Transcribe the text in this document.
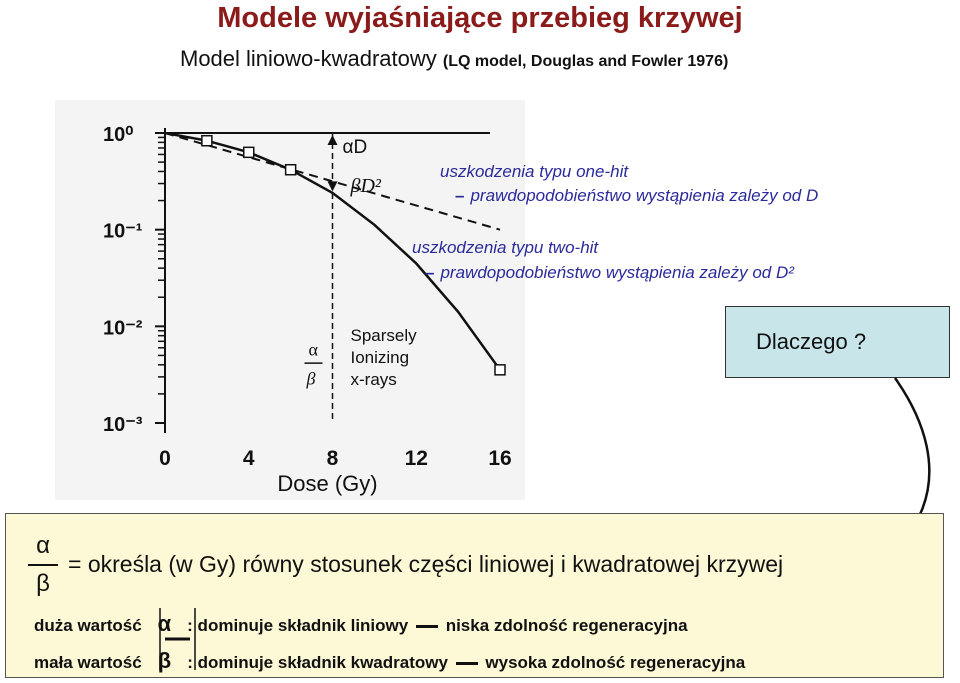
Modele wyjaśniające przebieg krzywej
Model liniowo-kwadratowy (LQ model, Douglas and Fowler 1976)
10⁰
10⁻¹
10⁻²
10⁻³
0	4	8	12	16
Dose (Gy)
αD
βD²
α
β
Sparsely
Ionizing
x-rays
uszkodzenia typu one-hit
– prawdopodobieństwo wystąpienia zależy od D
uszkodzenia typu two-hit
– prawdopodobieństwo wystąpienia zależy od D²
Dlaczego ?
α
β
= określa (w Gy) równy stosunek części liniowej i kwadratowej krzywej
duża wartość α : dominuje składnik liniowy niska zdolność regeneracyjna
mała wartość β : dominuje składnik kwadratowy wysoka zdolność regeneracyjna
